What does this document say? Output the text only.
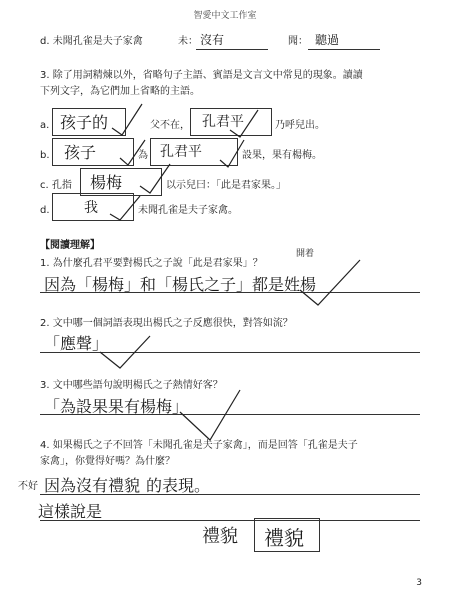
智愛中文工作室
d. 未聞孔雀是夫子家禽	未： 沒有	聞： 聽過
3. 除了用詞精煉以外，省略句子主語、賓語是文言文中常見的現象。讀讀
下列文字，為它們加上省略的主語。
a. 孩子的	父不在， 孔君平	乃呼兒出。
b. 孩子	為 孔君平	設果，果有楊梅。
c. 孔指 楊梅	以示兒曰：「此是君家果。」
d. 我	未聞孔雀是夫子家禽。
【閱讀理解】
1. 為什麼孔君平要對楊氏之子說「此是君家果」？
開着
因為「楊梅」和「楊氏之子」都是姓楊
2. 文中哪一個詞語表現出楊氏之子反應很快，對答如流？
「應聲」
3. 文中哪些語句說明楊氏之子熱情好客？
「為設果果有楊梅」
4. 如果楊氏之子不回答「未聞孔雀是夫子家禽」，而是回答「孔雀是夫子
家禽」，你覺得好嗎？為什麼？
不好 因為沒有禮貌 的表現。
這樣說是
禮貌 禮貌
3
